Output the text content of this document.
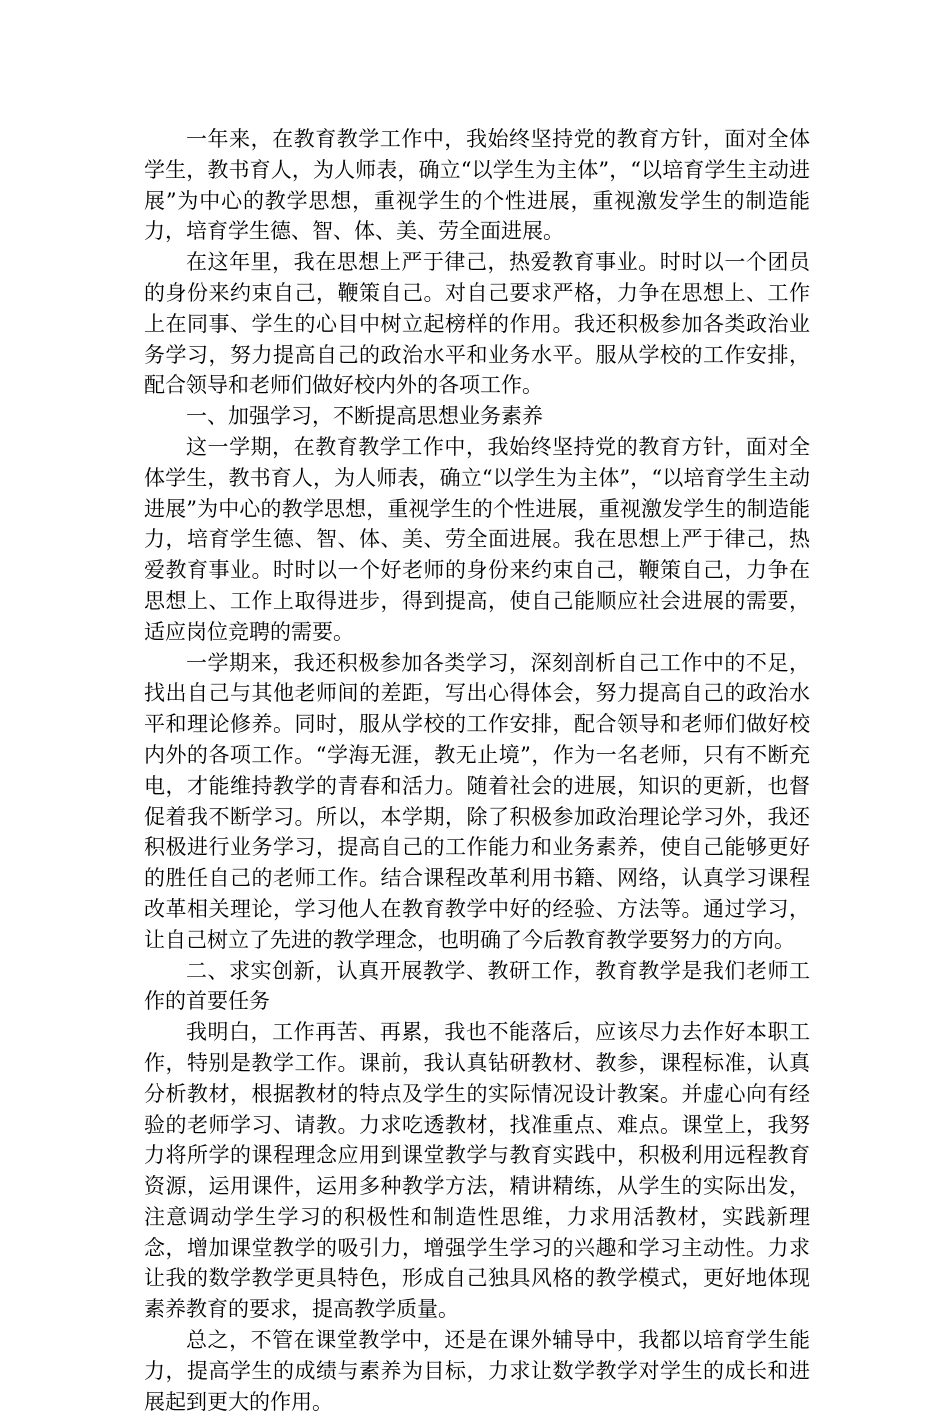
一年来，在教育教学工作中，我始终坚持党的教育方针，面对全体学生，教书育人，为人师表，确立“以学生为主体”，“以培育学生主动进展”为中心的教学思想，重视学生的个性进展，重视激发学生的制造能力，培育学生德、智、体、美、劳全面进展。

在这年里，我在思想上严于律己，热爱教育事业。时时以一个团员的身份来约束自己，鞭策自己。对自己要求严格，力争在思想上、工作上在同事、学生的心目中树立起榜样的作用。我还积极参加各类政治业务学习，努力提高自己的政治水平和业务水平。服从学校的工作安排，配合领导和老师们做好校内外的各项工作。

一、加强学习，不断提高思想业务素养

这一学期，在教育教学工作中，我始终坚持党的教育方针，面对全体学生，教书育人，为人师表，确立“以学生为主体”，“以培育学生主动进展”为中心的教学思想，重视学生的个性进展，重视激发学生的制造能力，培育学生德、智、体、美、劳全面进展。我在思想上严于律己，热爱教育事业。时时以一个好老师的身份来约束自己，鞭策自己，力争在思想上、工作上取得进步，得到提高，使自己能顺应社会进展的需要，适应岗位竞聘的需要。

一学期来，我还积极参加各类学习，深刻剖析自己工作中的不足，找出自己与其他老师间的差距，写出心得体会，努力提高自己的政治水平和理论修养。同时，服从学校的工作安排，配合领导和老师们做好校内外的各项工作。“学海无涯，教无止境”，作为一名老师，只有不断充电，才能维持教学的青春和活力。随着社会的进展，知识的更新，也督促着我不断学习。所以，本学期，除了积极参加政治理论学习外，我还积极进行业务学习，提高自己的工作能力和业务素养，使自己能够更好的胜任自己的老师工作。结合课程改革利用书籍、网络，认真学习课程改革相关理论，学习他人在教育教学中好的经验、方法等。通过学习，让自己树立了先进的教学理念，也明确了今后教育教学要努力的方向。

二、求实创新，认真开展教学、教研工作，教育教学是我们老师工作的首要任务

我明白，工作再苦、再累，我也不能落后，应该尽力去作好本职工作，特别是教学工作。课前，我认真钻研教材、教参，课程标准，认真分析教材，根据教材的特点及学生的实际情况设计教案。并虚心向有经验的老师学习、请教。力求吃透教材，找准重点、难点。课堂上，我努力将所学的课程理念应用到课堂教学与教育实践中，积极利用远程教育资源，运用课件，运用多种教学方法，精讲精练，从学生的实际出发，注意调动学生学习的积极性和制造性思维，力求用活教材，实践新理念，增加课堂教学的吸引力，增强学生学习的兴趣和学习主动性。力求让我的数学教学更具特色，形成自己独具风格的教学模式，更好地体现素养教育的要求，提高教学质量。

总之，不管在课堂教学中，还是在课外辅导中，我都以培育学生能力，提高学生的成绩与素养为目标，力求让数学教学对学生的成长和进展起到更大的作用。
